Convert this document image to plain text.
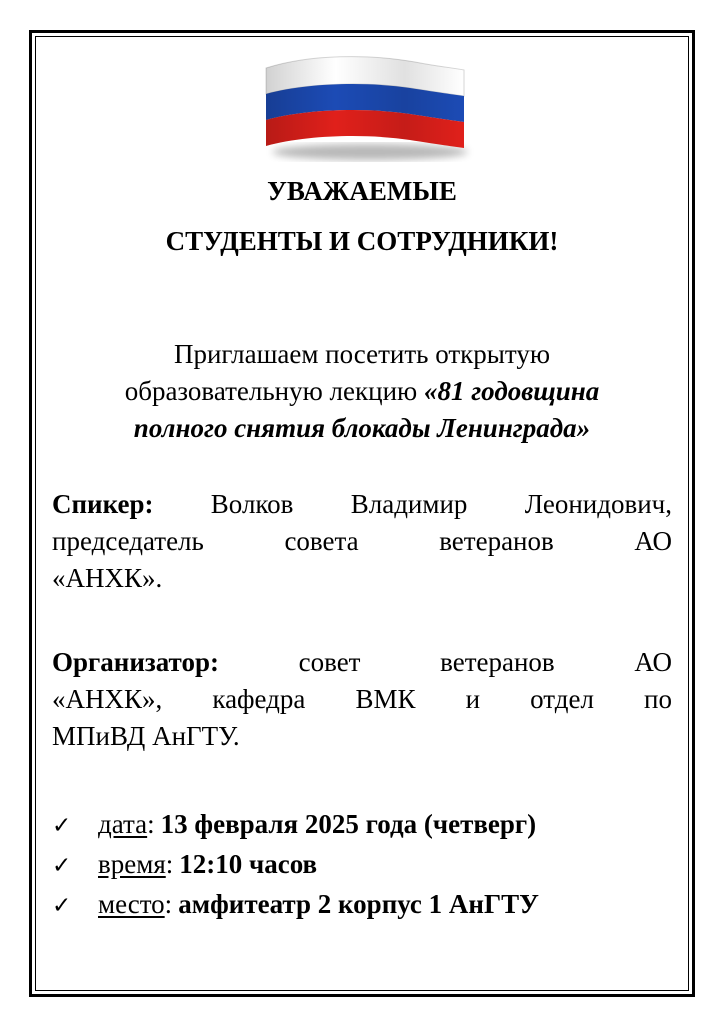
УВАЖАЕМЫЕ
СТУДЕНТЫ И СОТРУДНИКИ!
Приглашаем посетить открытую
образовательную лекцию «81 годовщина
полного снятия блокады Ленинграда»
Спикер: Волков Владимир Леонидович,
председатель совета ветеранов АО
«АНХК».
Организатор: совет ветеранов АО
«АНХК», кафедра ВМК и отдел по
МПиВД АнГТУ.
✓ дата : 13 февраля 2025 года (четверг)
✓ время : 12:10 часов
✓ место : амфитеатр 2 корпус 1 АнГТУ
